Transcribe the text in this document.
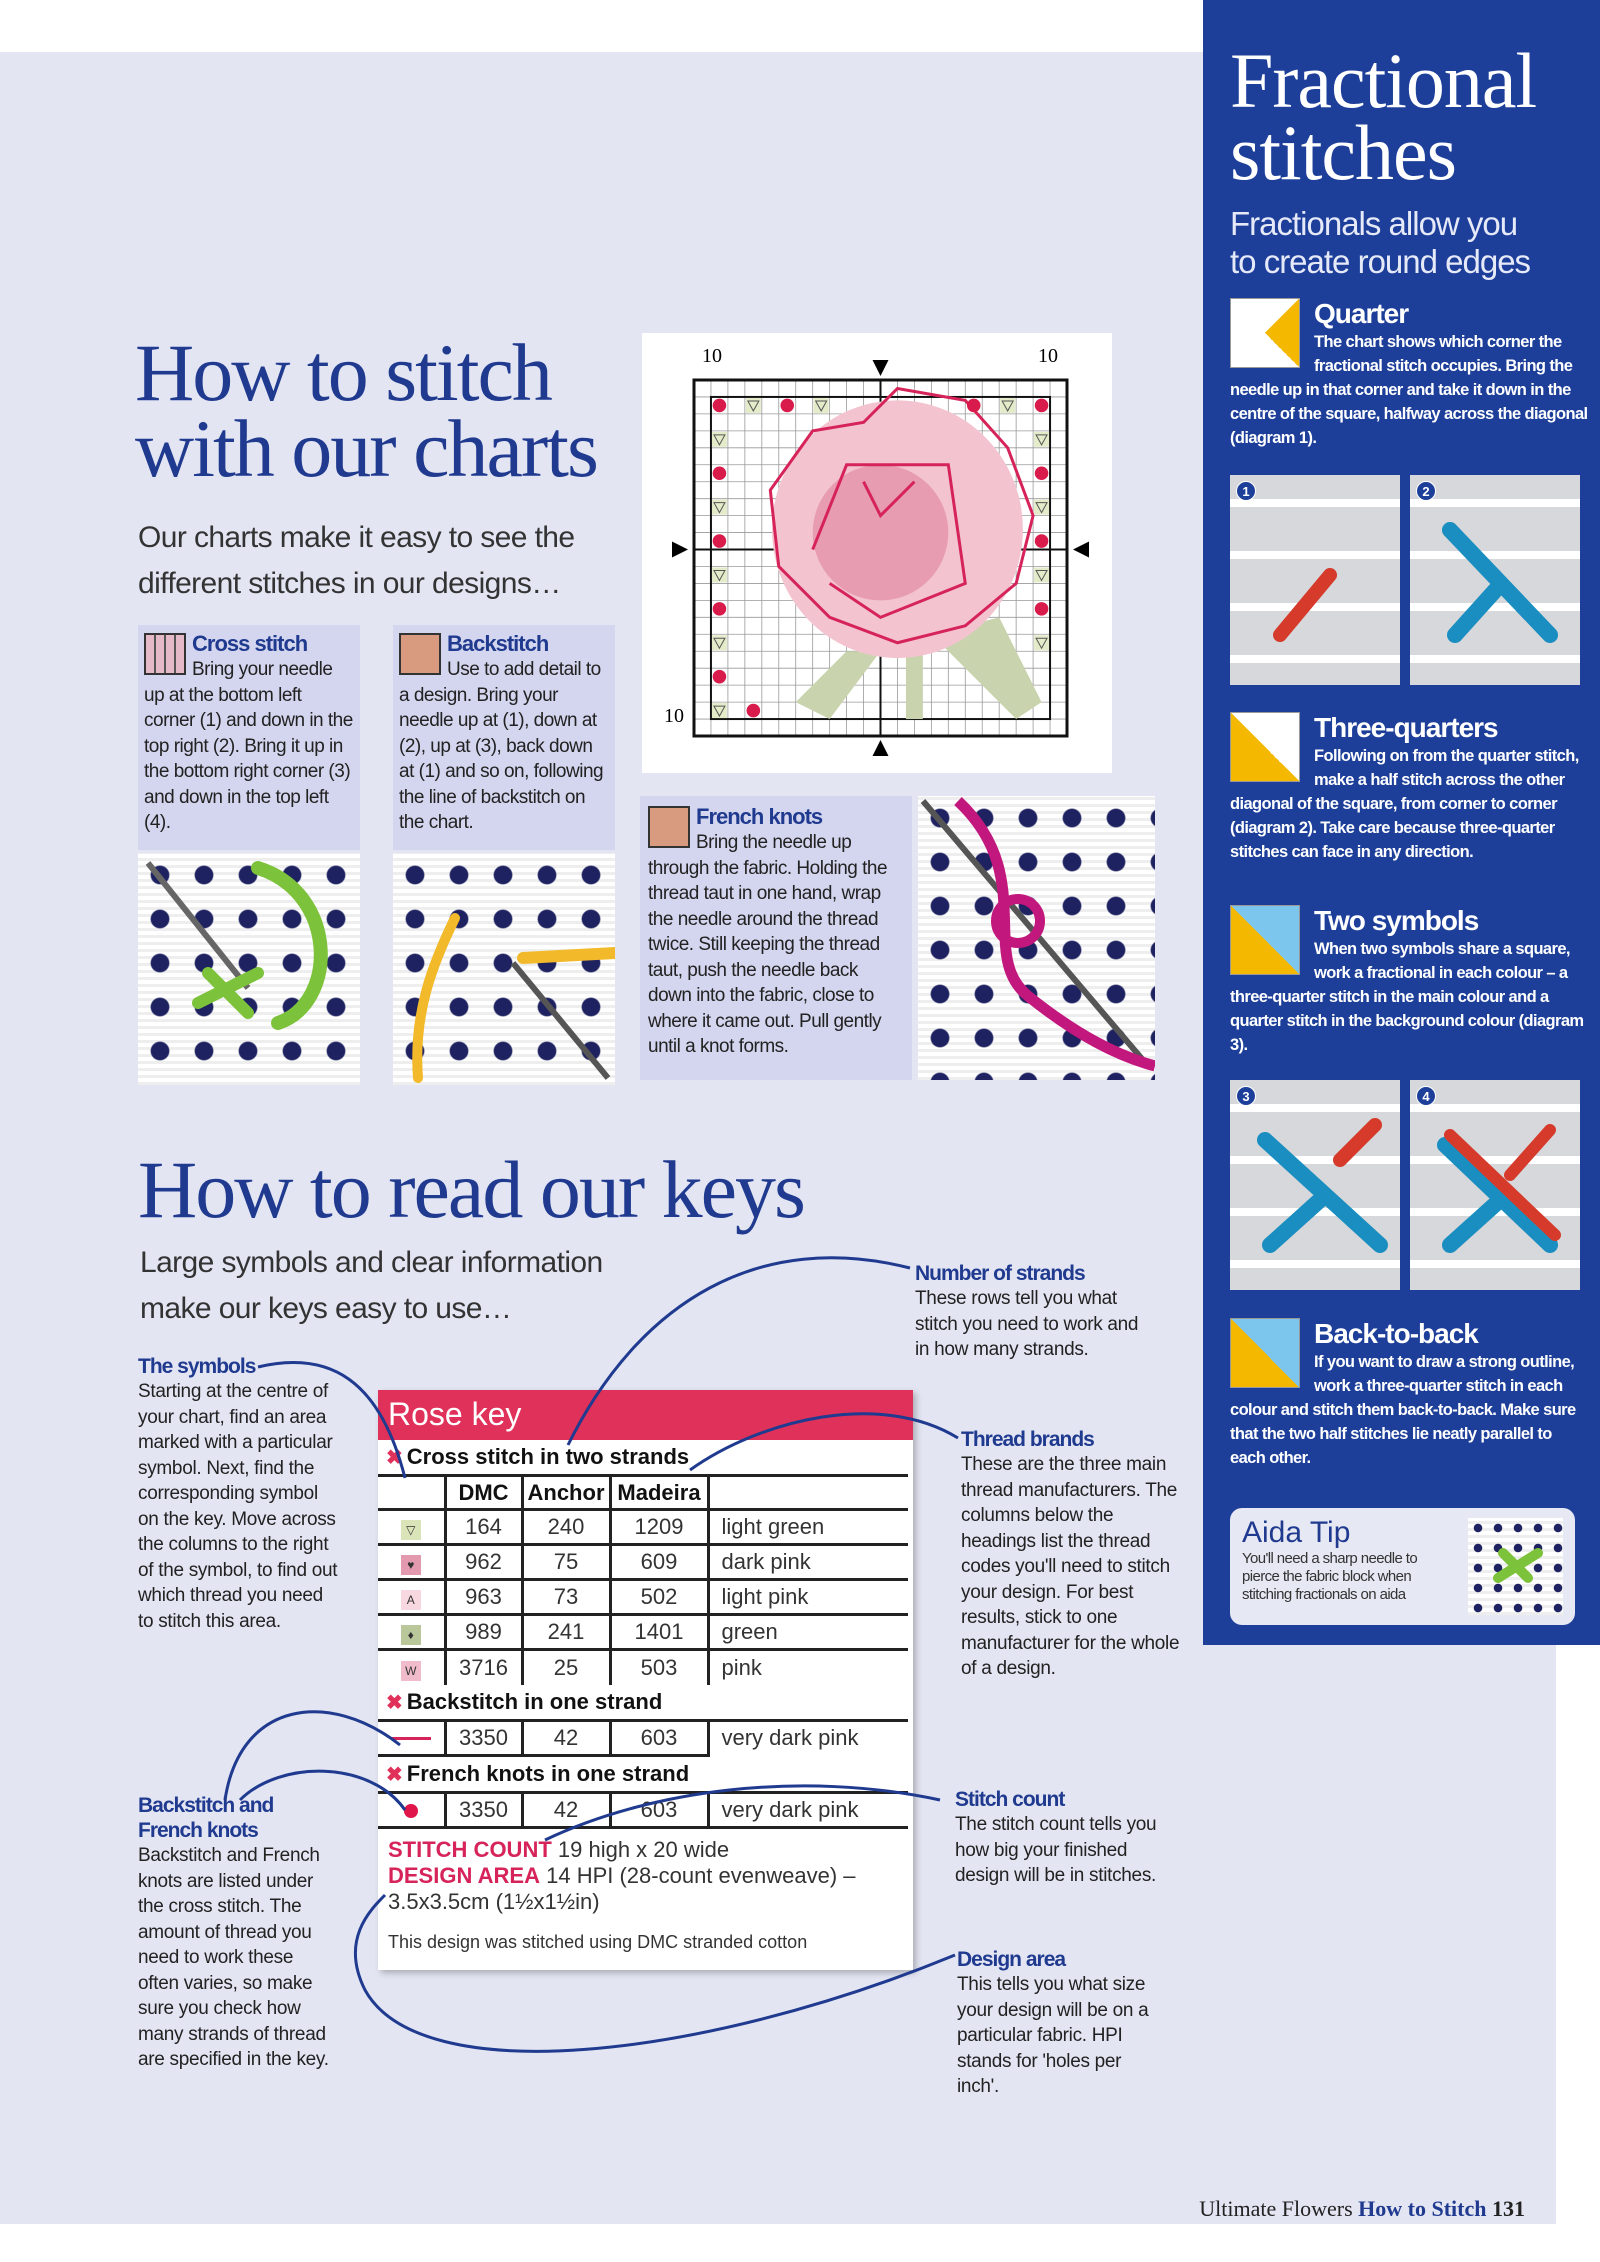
How to stitch
with our charts
Our charts make it easy to see the
different stitches in our designs…
10	10
10
Cross stitch
Bring your needle up at the bottom left corner (1) and down in the top right (2). Bring it up in the bottom right corner (3) and down in the top left (4).
Backstitch
Use to add detail to a design. Bring your needle up at (1), down at (2), up at (3), back down at (1) and so on, following the line of backstitch on the chart.	French knots
Bring the needle up through the fabric. Holding the thread taut in one hand, wrap the needle around the thread twice. Still keeping the thread taut, push the needle back down into the fabric, close to where it came out. Pull gently until a knot forms.
How to read our keys
Large symbols and clear information
make our keys easy to use…
The symbols
Starting at the centre of your chart, find an area marked with a particular symbol. Next, find the corresponding symbol on the key. Move across the columns to the right of the symbol, to find out which thread you need to stitch this area.
Backstitch and French knots
Backstitch and French knots are listed under the cross stitch. The amount of thread you need to work these often varies, so make sure you check how many strands of thread are specified in the key.
Number of strands
These rows tell you what stitch you need to work and in how many strands.
Thread brands
These are the three main thread manufacturers. The columns below the headings list the thread codes you'll need to stitch your design. For best results, stick to one manufacturer for the whole of a design.
Stitch count
The stitch count tells you how big your finished design will be in stitches.
Design area
This tells you what size your design will be on a particular fabric. HPI stands for 'holes per inch'.
Rose key
✖ Cross stitch in two strands
	DMC	Anchor	Madeira	
▽	164	240	1209	light green
♥	962	75	609	dark pink
A	963	73	502	light pink
♦	989	241	1401	green
W	3716	25	503	pink

✖ Backstitch in one strand				

	3350	42	603	very dark pink

✖ French knots in one strand				

	3350	42	603	very dark pink
STITCH COUNT 19 high x 20 wide
DESIGN AREA 14 HPI (28-count evenweave) – 3.5x3.5cm (1½x1½in)
This design was stitched using DMC stranded cotton
Fractional
stitches
Fractionals allow you
to create round edges
Quarter
The chart shows which corner the fractional stitch occupies. Bring the needle up in that corner and take it down in the centre of the square, halfway across the diagonal (diagram 1).
1	2
Three-quarters
Following on from the quarter stitch, make a half stitch across the other diagonal of the square, from corner to corner (diagram 2). Take care because three-quarter stitches can face in any direction.
Two symbols
When two symbols share a square, work a fractional in each colour – a three-quarter stitch in the main colour and a quarter stitch in the background colour (diagram 3).
3	4
Back-to-back
If you want to draw a strong outline, work a three-quarter stitch in each colour and stitch them back-to-back. Make sure that the two half stitches lie neatly parallel to each other.
Aida Tip
You'll need a sharp needle to pierce the fabric block when stitching fractionals on aida
Ultimate Flowers How to Stitch 131
